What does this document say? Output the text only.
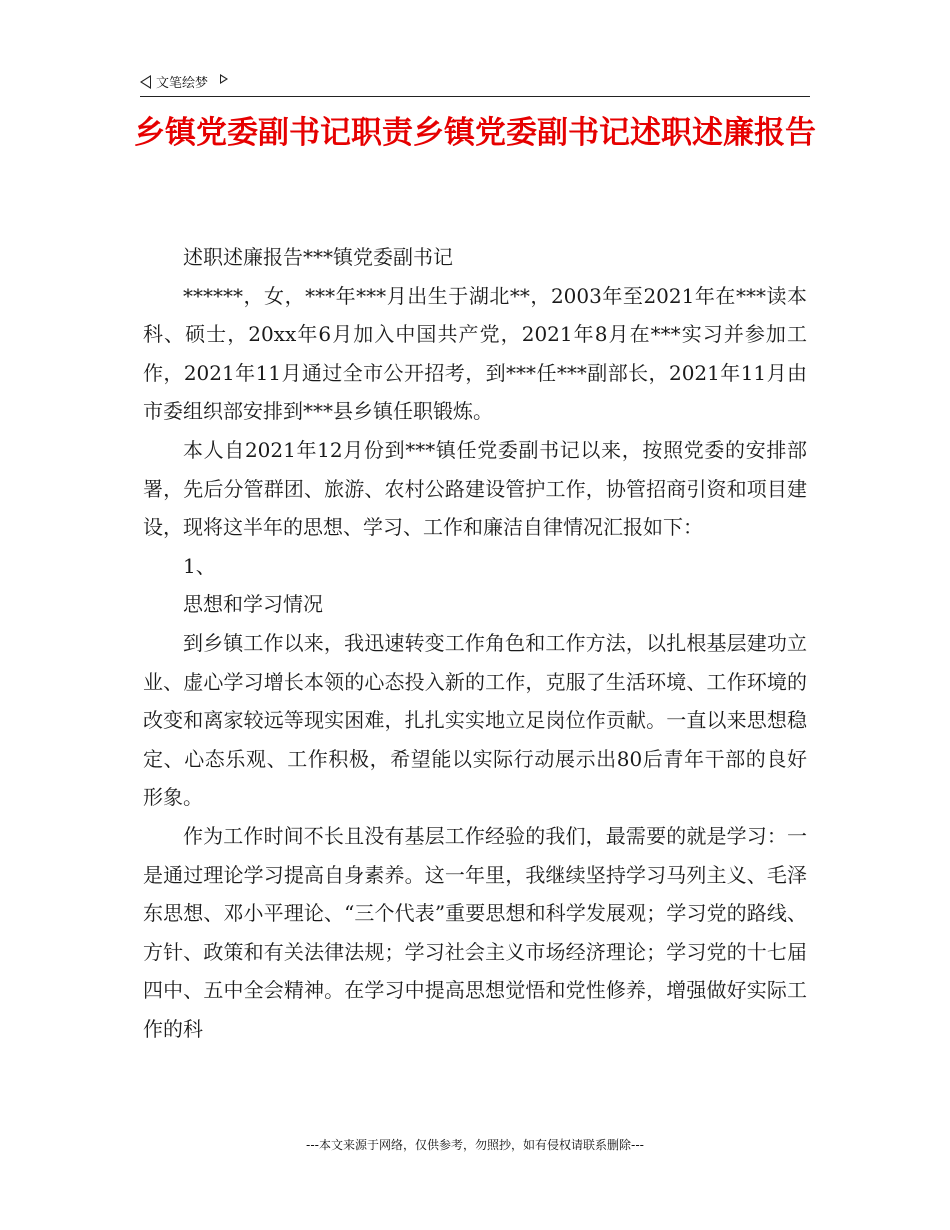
文笔绘梦
乡镇党委副书记职责乡镇党委副书记述职述廉报告

述职述廉报告***镇党委副书记

******，女，***年***月出生于湖北**，2003年至2021年在***读本科、硕士，20xx年6月加入中国共产党，2021年8月在***实习并参加工作，2021年11月通过全市公开招考，到***任***副部长，2021年11月由市委组织部安排到***县乡镇任职锻炼。

本人自2021年12月份到***镇任党委副书记以来，按照党委的安排部署，先后分管群团、旅游、农村公路建设管护工作，协管招商引资和项目建设，现将这半年的思想、学习、工作和廉洁自律情况汇报如下：

1、

思想和学习情况

到乡镇工作以来，我迅速转变工作角色和工作方法，以扎根基层建功立业、虚心学习增长本领的心态投入新的工作，克服了生活环境、工作环境的改变和离家较远等现实困难，扎扎实实地立足岗位作贡献。一直以来思想稳定、心态乐观、工作积极，希望能以实际行动展示出80后青年干部的良好形象。

作为工作时间不长且没有基层工作经验的我们，最需要的就是学习：一是通过理论学习提高自身素养。这一年里，我继续坚持学习马列主义、毛泽东思想、邓小平理论、“三个代表”重要思想和科学发展观；学习党的路线、方针、政策和有关法律法规；学习社会主义市场经济理论；学习党的十七届四中、五中全会精神。在学习中提高思想觉悟和党性修养，增强做好实际工作的科

---本文来源于网络，仅供参考，勿照抄，如有侵权请联系删除---
